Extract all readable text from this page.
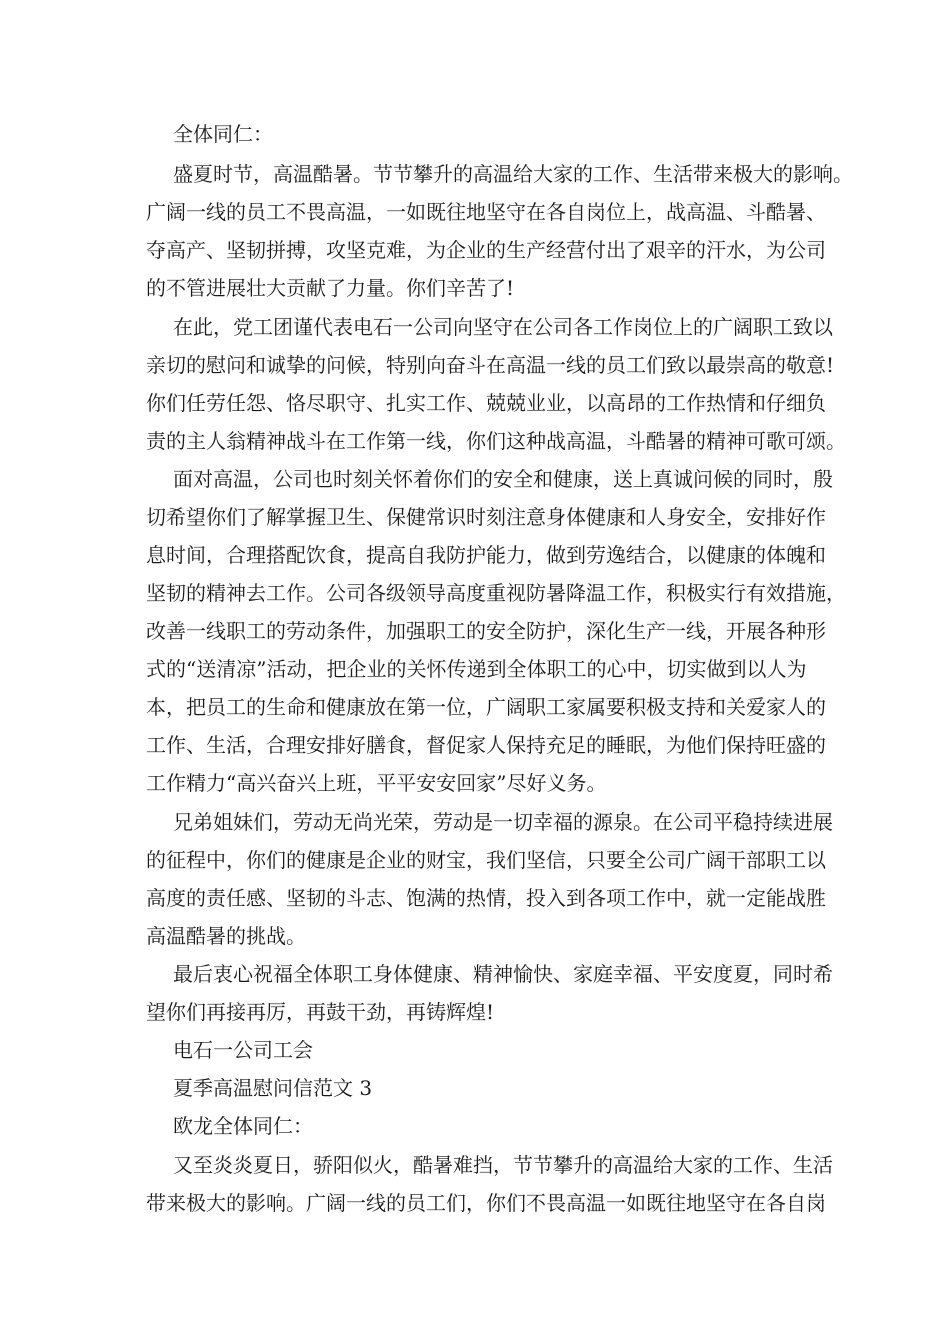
全体同仁：

盛夏时节，高温酷暑。节节攀升的高温给大家的工作、生活带来极大的影响。

广阔一线的员工不畏高温，一如既往地坚守在各自岗位上，战高温、斗酷暑、

夺高产、坚韧拼搏，攻坚克难，为企业的生产经营付出了艰辛的汗水，为公司

的不管进展壮大贡献了力量。你们辛苦了!

在此，党工团谨代表电石一公司向坚守在公司各工作岗位上的广阔职工致以

亲切的慰问和诚挚的问候，特别向奋斗在高温一线的员工们致以最崇高的敬意!

你们任劳任怨、恪尽职守、扎实工作、兢兢业业，以高昂的工作热情和仔细负

责的主人翁精神战斗在工作第一线，你们这种战高温，斗酷暑的精神可歌可颂。

面对高温，公司也时刻关怀着你们的安全和健康，送上真诚问候的同时，殷

切希望你们了解掌握卫生、保健常识时刻注意身体健康和人身安全，安排好作

息时间，合理搭配饮食，提高自我防护能力，做到劳逸结合，以健康的体魄和

坚韧的精神去工作。公司各级领导高度重视防暑降温工作，积极实行有效措施，

改善一线职工的劳动条件，加强职工的安全防护，深化生产一线，开展各种形

式的“送清凉”活动，把企业的关怀传递到全体职工的心中，切实做到以人为

本，把员工的生命和健康放在第一位，广阔职工家属要积极支持和关爱家人的

工作、生活，合理安排好膳食，督促家人保持充足的睡眠，为他们保持旺盛的

工作精力“高兴奋兴上班，平平安安回家”尽好义务。

兄弟姐妹们，劳动无尚光荣，劳动是一切幸福的源泉。在公司平稳持续进展

的征程中，你们的健康是企业的财宝，我们坚信，只要全公司广阔干部职工以

高度的责任感、坚韧的斗志、饱满的热情，投入到各项工作中，就一定能战胜

高温酷暑的挑战。

最后衷心祝福全体职工身体健康、精神愉快、家庭幸福、平安度夏，同时希

望你们再接再厉，再鼓干劲，再铸辉煌!

电石一公司工会

夏季高温慰问信范文 3

欧龙全体同仁：

又至炎炎夏日，骄阳似火，酷暑难挡，节节攀升的高温给大家的工作、生活

带来极大的影响。广阔一线的员工们，你们不畏高温一如既往地坚守在各自岗
